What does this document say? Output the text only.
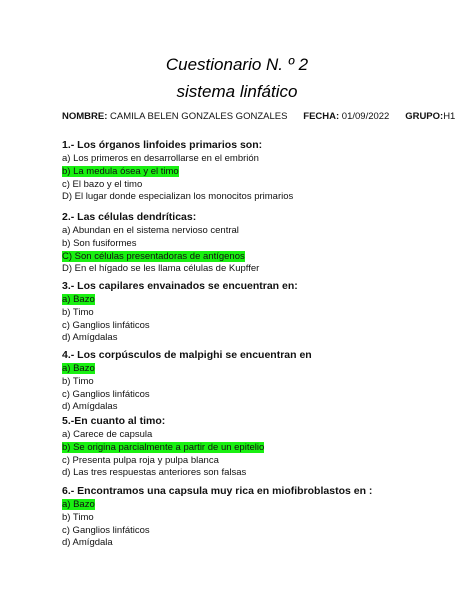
Cuestionario N. º 2
sistema linfático
NOMBRE: CAMILA BELEN GONZALES GONZALES FECHA: 01/09/2022 GRUPO:H1
1.- Los órganos linfoides primarios son:
a) Los primeros en desarrollarse en el embrión
b) La medula ósea y el timo
c) El bazo y el timo
D) El lugar donde especializan los monocitos primarios
2.- Las células dendríticas:
a) Abundan en el sistema nervioso central
b) Son fusiformes
C) Son células presentadoras de antígenos
D) En el hígado se les llama células de Kupffer
3.- Los capilares envainados se encuentran en:
a) Bazo
b) Timo
c) Ganglios linfáticos
d) Amígdalas
4.- Los corpúsculos de malpighi se encuentran en
a) Bazo
b) Timo
c) Ganglios linfáticos
d) Amígdalas
5.-En cuanto al timo:
a) Carece de capsula
b) Se origina parcialmente a partir de un epitelio
c) Presenta pulpa roja y pulpa blanca
d) Las tres respuestas anteriores son falsas
6.- Encontramos una capsula muy rica en miofibroblastos en :
a) Bazo
b) Timo
c) Ganglios linfáticos
d) Amígdala
